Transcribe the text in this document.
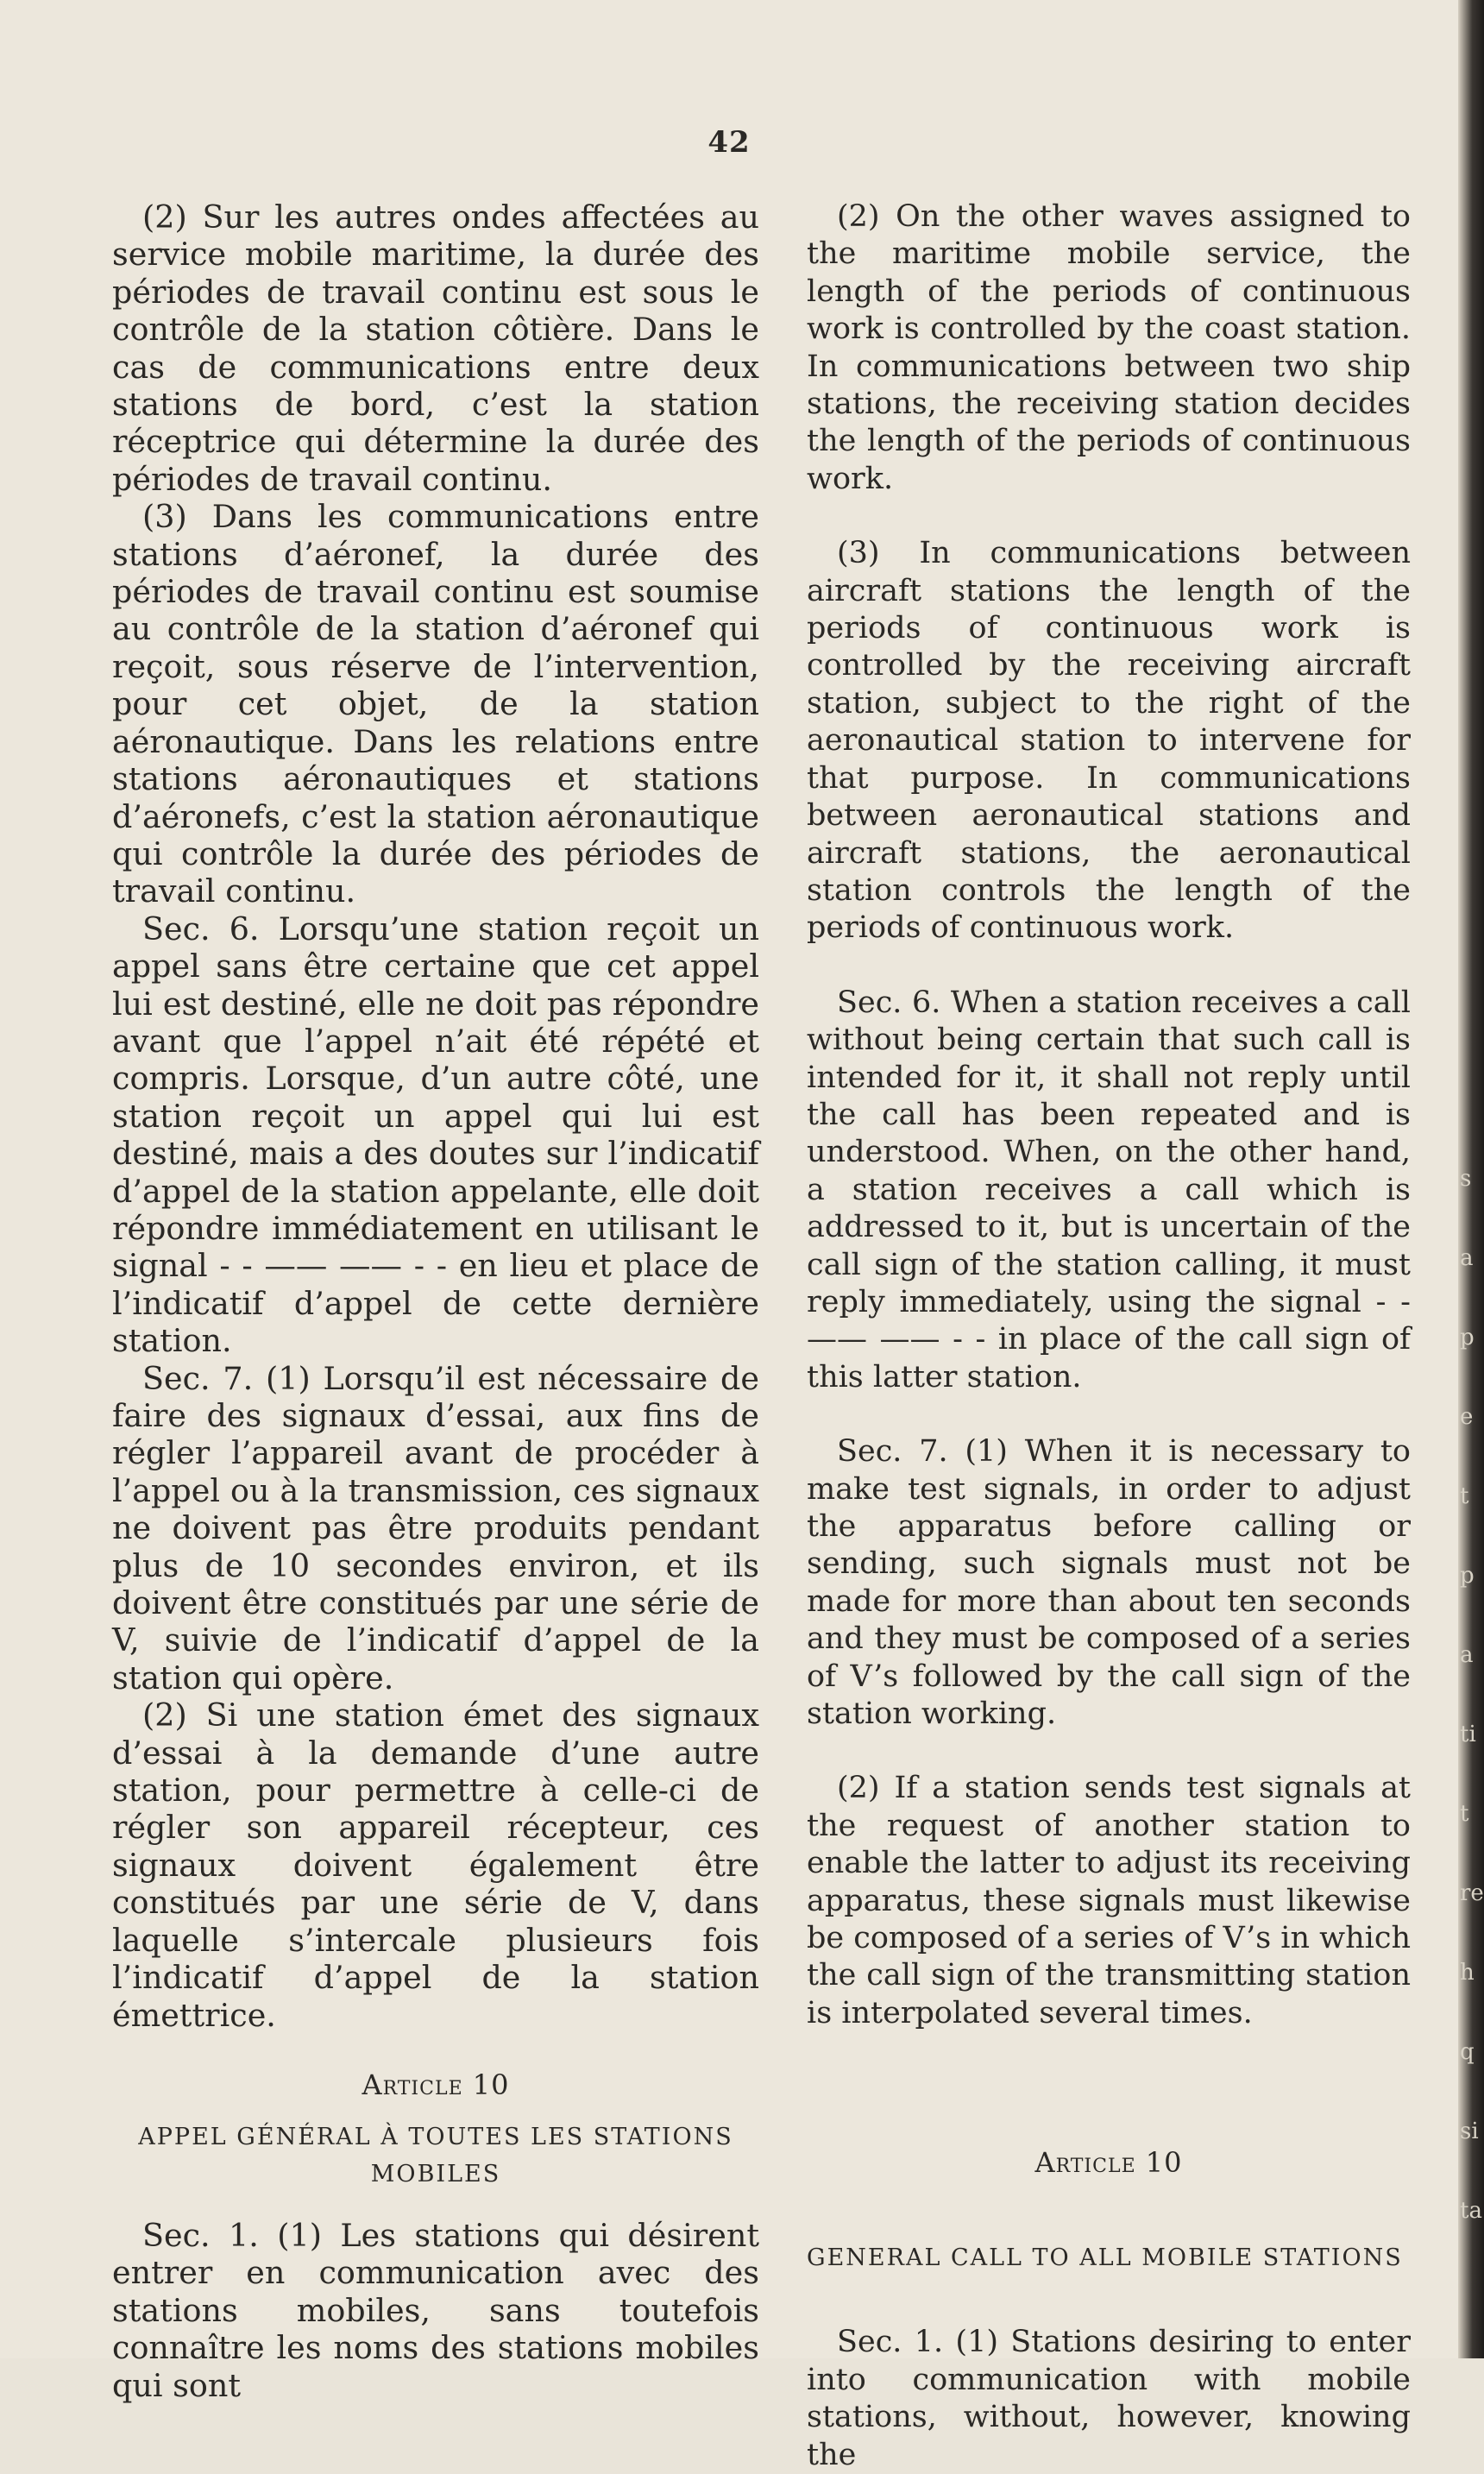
42

(2) Sur les autres ondes affectées au service mobile maritime, la durée des périodes de travail continu est sous le contrôle de la station côtière. Dans le cas de communications entre deux stations de bord, c’est la station réceptrice qui détermine la durée des périodes de travail continu.

(3) Dans les communications entre stations d’aéronef, la durée des périodes de travail continu est soumise au contrôle de la station d’aéronef qui reçoit, sous réserve de l’intervention, pour cet objet, de la station aéronautique. Dans les relations entre stations aéronautiques et stations d’aéronefs, c’est la station aéronautique qui contrôle la durée des périodes de travail continu.

Sec. 6. Lorsqu’une station reçoit un appel sans être certaine que cet appel lui est destiné, elle ne doit pas répondre avant que l’appel n’ait été répété et compris. Lorsque, d’un autre côté, une station reçoit un appel qui lui est destiné, mais a des doutes sur l’indicatif d’appel de la station appelante, elle doit répondre immédiatement en utilisant le signal - - —— —— - - en lieu et place de l’indicatif d’appel de cette dernière station.

Sec. 7. (1) Lorsqu’il est nécessaire de faire des signaux d’essai, aux fins de régler l’appareil avant de procéder à l’appel ou à la transmission, ces signaux ne doivent pas être produits pendant plus de 10 secondes environ, et ils doivent être constitués par une série de V, suivie de l’indicatif d’appel de la station qui opère.

(2) Si une station émet des signaux d’essai à la demande d’une autre station, pour permettre à celle-ci de régler son appareil récepteur, ces signaux doivent également être constitués par une série de V, dans laquelle s’intercale plusieurs fois l’indicatif d’appel de la station émettrice.

Article 10
APPEL GÉNÉRAL À TOUTES LES STATIONS MOBILES

Sec. 1. (1) Les stations qui désirent entrer en communication avec des stations mobiles, sans toutefois connaître les noms des stations mobiles qui sont

(2) On the other waves assigned to the maritime mobile service, the length of the periods of continuous work is controlled by the coast station. In communications between two ship stations, the receiving station decides the length of the periods of continuous work.

(3) In communications between aircraft stations the length of the periods of continuous work is controlled by the receiving aircraft station, subject to the right of the aeronautical station to intervene for that purpose. In communications between aeronautical stations and aircraft stations, the aeronautical station controls the length of the periods of continuous work.

Sec. 6. When a station receives a call without being certain that such call is intended for it, it shall not reply until the call has been repeated and is understood. When, on the other hand, a station receives a call which is addressed to it, but is uncertain of the call sign of the station calling, it must reply immediately, using the signal - - —— —— - - in place of the call sign of this latter station.

Sec. 7. (1) When it is necessary to make test signals, in order to adjust the apparatus before calling or sending, such signals must not be made for more than about ten seconds and they must be composed of a series of V’s followed by the call sign of the station working.

(2) If a station sends test signals at the request of another station to enable the latter to adjust its receiving apparatus, these signals must likewise be composed of a series of V’s in which the call sign of the transmitting station is interpolated several times.

Article 10
GENERAL CALL TO ALL MOBILE STATIONS

Sec. 1. (1) Stations desiring to enter into communication with mobile stations, without, however, knowing the

s
a
p
e
t
p
a
ti
t
re
h
q
si
ta
